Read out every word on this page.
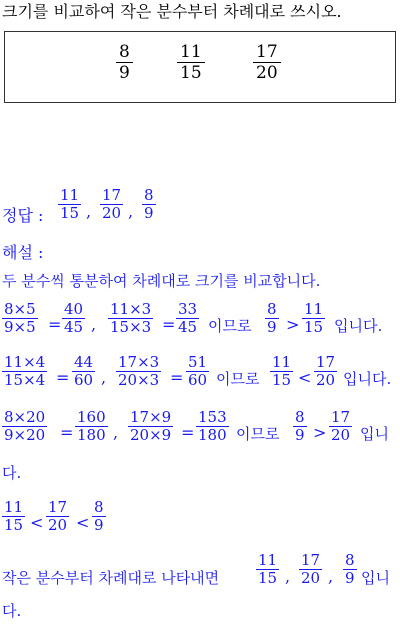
크기를 비교하여 작은 분수부터 차례대로 쓰시오.
$\frac{8}{9}$	$\frac{11}{15}$	$\frac{17}{20}$
정답 : $\frac{11}{15}$ , $\frac{17}{20}$ , $\frac{8}{9}$
해설 :
두 분수씩 통분하여 차례대로 크기를 비교합니다.
$\frac{8\times 5}{9\times 5} = \frac{40}{45}$ , $\frac{11\times 3}{15\times 3} = \frac{33}{45}$ 이므로 $\frac{8}{9} > \frac{11}{15}$ 입니다.
$\frac{11\times 4}{15\times 4} = \frac{44}{60}$ , $\frac{17\times 3}{20\times 3} = \frac{51}{60}$ 이므로 $\frac{11}{15} < \frac{17}{20}$ 입니다.
$\frac{8\times 20}{9\times 20} = \frac{160}{180}$ , $\frac{17\times 9}{20\times 9} = \frac{153}{180}$ 이므로 $\frac{8}{9} > \frac{17}{20}$ 입니
다.
$\frac{11}{15} < \frac{17}{20} < \frac{8}{9}$
작은 분수부터 차례대로 나타내면 $\frac{11}{15}$ , $\frac{17}{20}$ , $\frac{8}{9}$ 입니
다.
